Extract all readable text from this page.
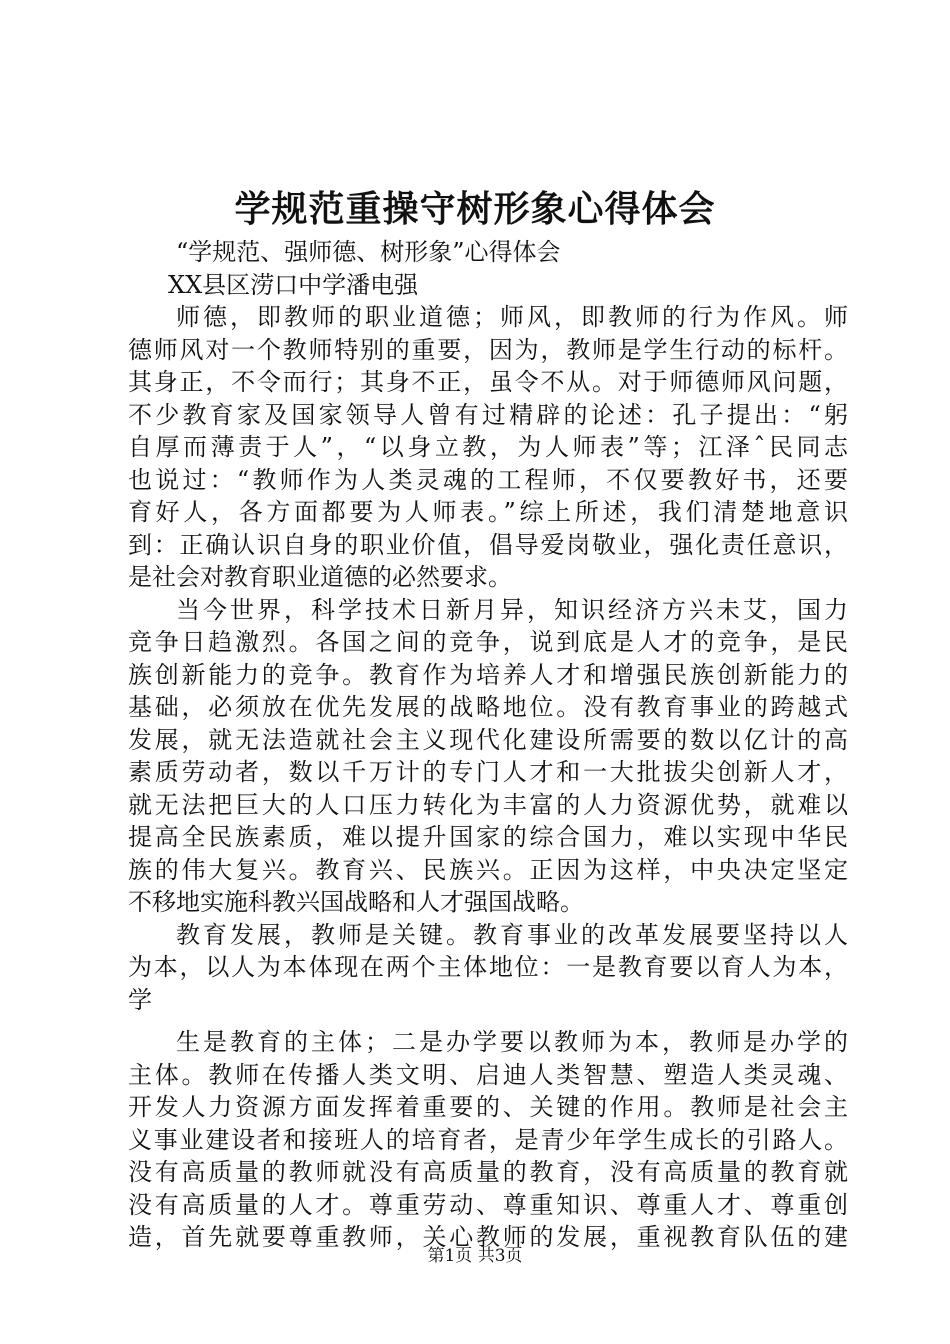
学规范重操守树形象心得体会
“学规范、强师德、树形象”心得体会
XX县区涝口中学潘电强
师德，即教师的职业道德；师风，即教师的行为作风。师
德师风对一个教师特别的重要，因为，教师是学生行动的标杆。
其身正，不令而行；其身不正，虽令不从。对于师德师风问题，
不少教育家及国家领导人曾有过精辟的论述：孔子提出：“躬
自厚而薄责于人”，“以身立教，为人师表”等；江泽ˆ民同志
也说过：“教师作为人类灵魂的工程师，不仅要教好书，还要
育好人，各方面都要为人师表。”综上所述，我们清楚地意识
到：正确认识自身的职业价值，倡导爱岗敬业，强化责任意识，
是社会对教育职业道德的必然要求。
当今世界，科学技术日新月异，知识经济方兴未艾，国力
竞争日趋激烈。各国之间的竞争，说到底是人才的竞争，是民
族创新能力的竞争。教育作为培养人才和增强民族创新能力的
基础，必须放在优先发展的战略地位。没有教育事业的跨越式
发展，就无法造就社会主义现代化建设所需要的数以亿计的高
素质劳动者，数以千万计的专门人才和一大批拔尖创新人才，
就无法把巨大的人口压力转化为丰富的人力资源优势，就难以
提高全民族素质，难以提升国家的综合国力，难以实现中华民
族的伟大复兴。教育兴、民族兴。正因为这样，中央决定坚定
不移地实施科教兴国战略和人才强国战略。
教育发展，教师是关键。教育事业的改革发展要坚持以人
为本，以人为本体现在两个主体地位：一是教育要以育人为本，
学
生是教育的主体；二是办学要以教师为本，教师是办学的
主体。教师在传播人类文明、启迪人类智慧、塑造人类灵魂、
开发人力资源方面发挥着重要的、关键的作用。教师是社会主
义事业建设者和接班人的培育者，是青少年学生成长的引路人。
没有高质量的教师就没有高质量的教育，没有高质量的教育就
没有高质量的人才。尊重劳动、尊重知识、尊重人才、尊重创
造，首先就要尊重教师，关心教师的发展，重视教育队伍的建
第1页 共3页
